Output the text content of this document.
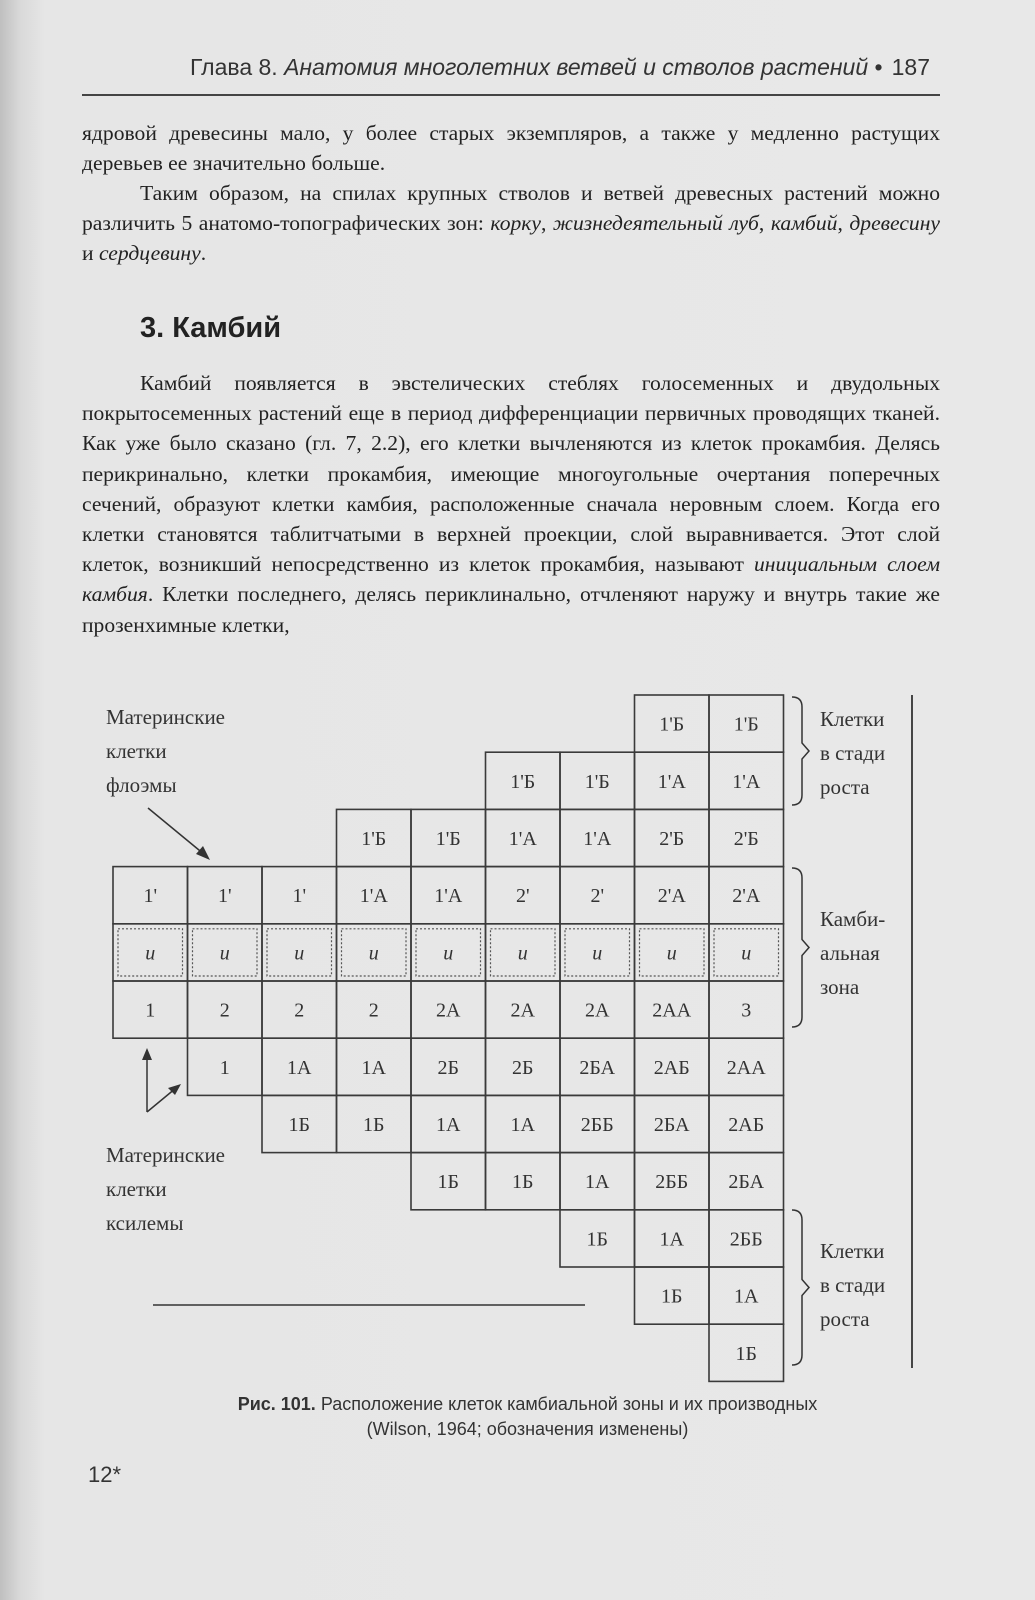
Глава 8. Анатомия многолетних ветвей и стволов растений • 187

ядровой древесины мало, у более старых экземпляров, а также у медленно растущих деревьев ее значительно больше.

Таким образом, на спилах крупных стволов и ветвей древесных растений можно различить 5 анатомо-топографических зон: корку, жизнедеятельный луб, камбий, древесину и сердцевину.

3. Камбий

Камбий появляется в эвстелических стеблях голосеменных и двудольных покрытосеменных растений еще в период дифференциации первичных проводящих тканей. Как уже было сказано (гл. 7, 2.2), его клетки вычленяются из клеток прокамбия. Делясь перикринально, клетки прокамбия, имеющие многоугольные очертания поперечных сечений, образуют клетки камбия, расположенные сначала неровным слоем. Когда его клетки становятся таблитчатыми в верхней проекции, слой выравнивается. Этот слой клеток, возникший непосредственно из клеток прокамбия, называют инициальным слоем камбия. Клетки последнего, делясь периклинально, отчленяют наружу и внутрь такие же прозенхимные клетки,

1'
и
1
1'
и
2
1
1'
и
2
1А
1Б
1'Б
1'А
и
2
1А
1Б
1'Б
1'А
и
2А
2Б
1А
1Б
1'Б
1'А
2'
и
2А
2Б
1А
1Б
1'Б
1'А
2'
и
2А
2БА
2ББ
1А
1Б
1'Б
1'А
2'Б
2'А
и
2АА
2АБ
2БА
2ББ
1А
1Б
1'Б
1'А
2'Б
2'А
и
3
2АА
2АБ
2БА
2ББ
1А
1Б
Материнские
клетки
флоэмы
Материнские
клетки
ксилемы
Клетки
в стади
роста
Камби-
альная
зона
Клетки
в стади
роста
Рис. 101. Расположение клеток камбиальной зоны и их производных
(Wilson, 1964; обозначения изменены)
12*
